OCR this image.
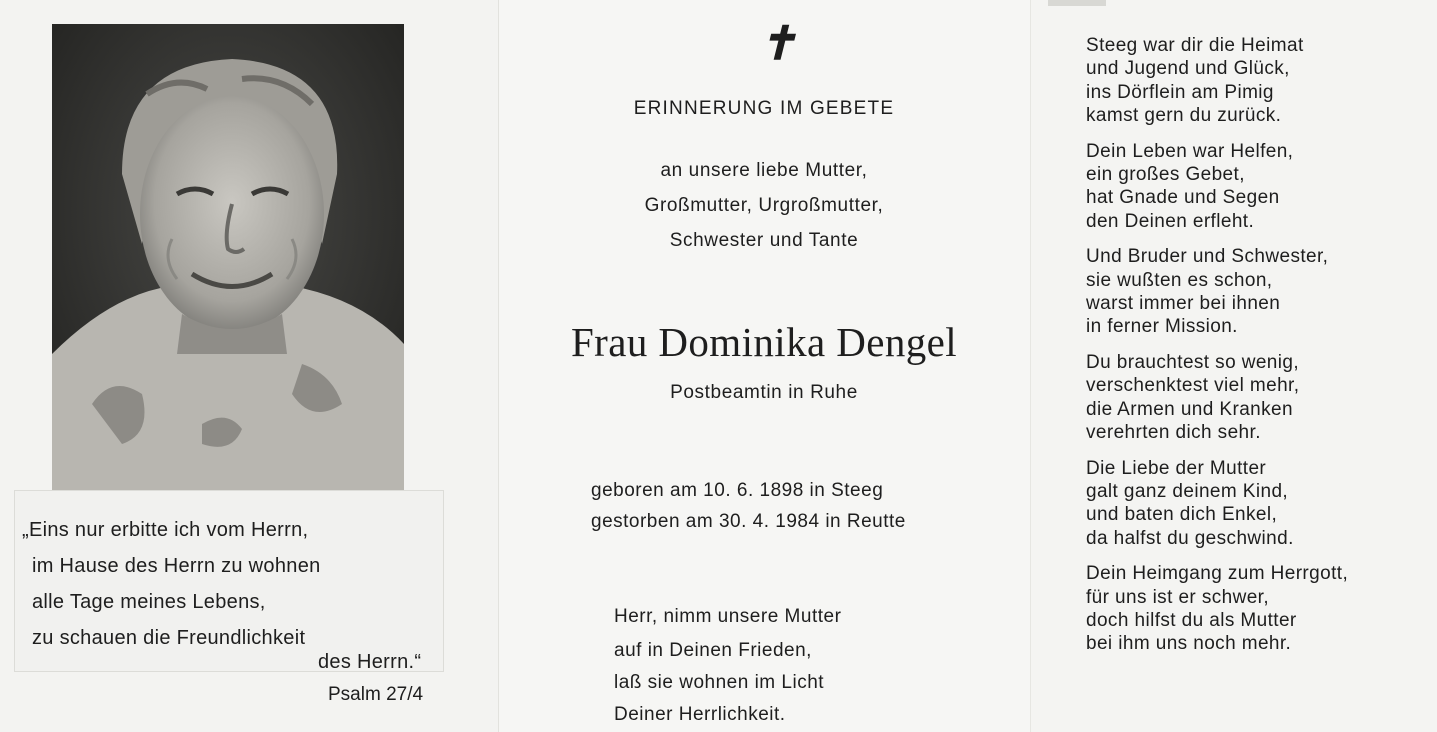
„Eins nur erbitte ich vom Herrn,
im Hause des Herrn zu wohnen
alle Tage meines Lebens,
zu schauen die Freundlichkeit
des Herrn.“
Psalm 27/4
✝
ERINNERUNG IM GEBETE
an unsere liebe Mutter,
Großmutter, Urgroßmutter,
Schwester und Tante
Frau Dominika Dengel
Postbeamtin in Ruhe
geboren am 10. 6. 1898 in Steeg
gestorben am 30. 4. 1984 in Reutte
Herr, nimm unsere Mutter
auf in Deinen Frieden,
laß sie wohnen im Licht
Deiner Herrlichkeit.
Steeg war dir die Heimat
und Jugend und Glück,
ins Dörflein am Pimig
kamst gern du zurück.
Dein Leben war Helfen,
ein großes Gebet,
hat Gnade und Segen
den Deinen erfleht.
Und Bruder und Schwester,
sie wußten es schon,
warst immer bei ihnen
in ferner Mission.
Du brauchtest so wenig,
verschenktest viel mehr,
die Armen und Kranken
verehrten dich sehr.
Die Liebe der Mutter
galt ganz deinem Kind,
und baten dich Enkel,
da halfst du geschwind.
Dein Heimgang zum Herrgott,
für uns ist er schwer,
doch hilfst du als Mutter
bei ihm uns noch mehr.
